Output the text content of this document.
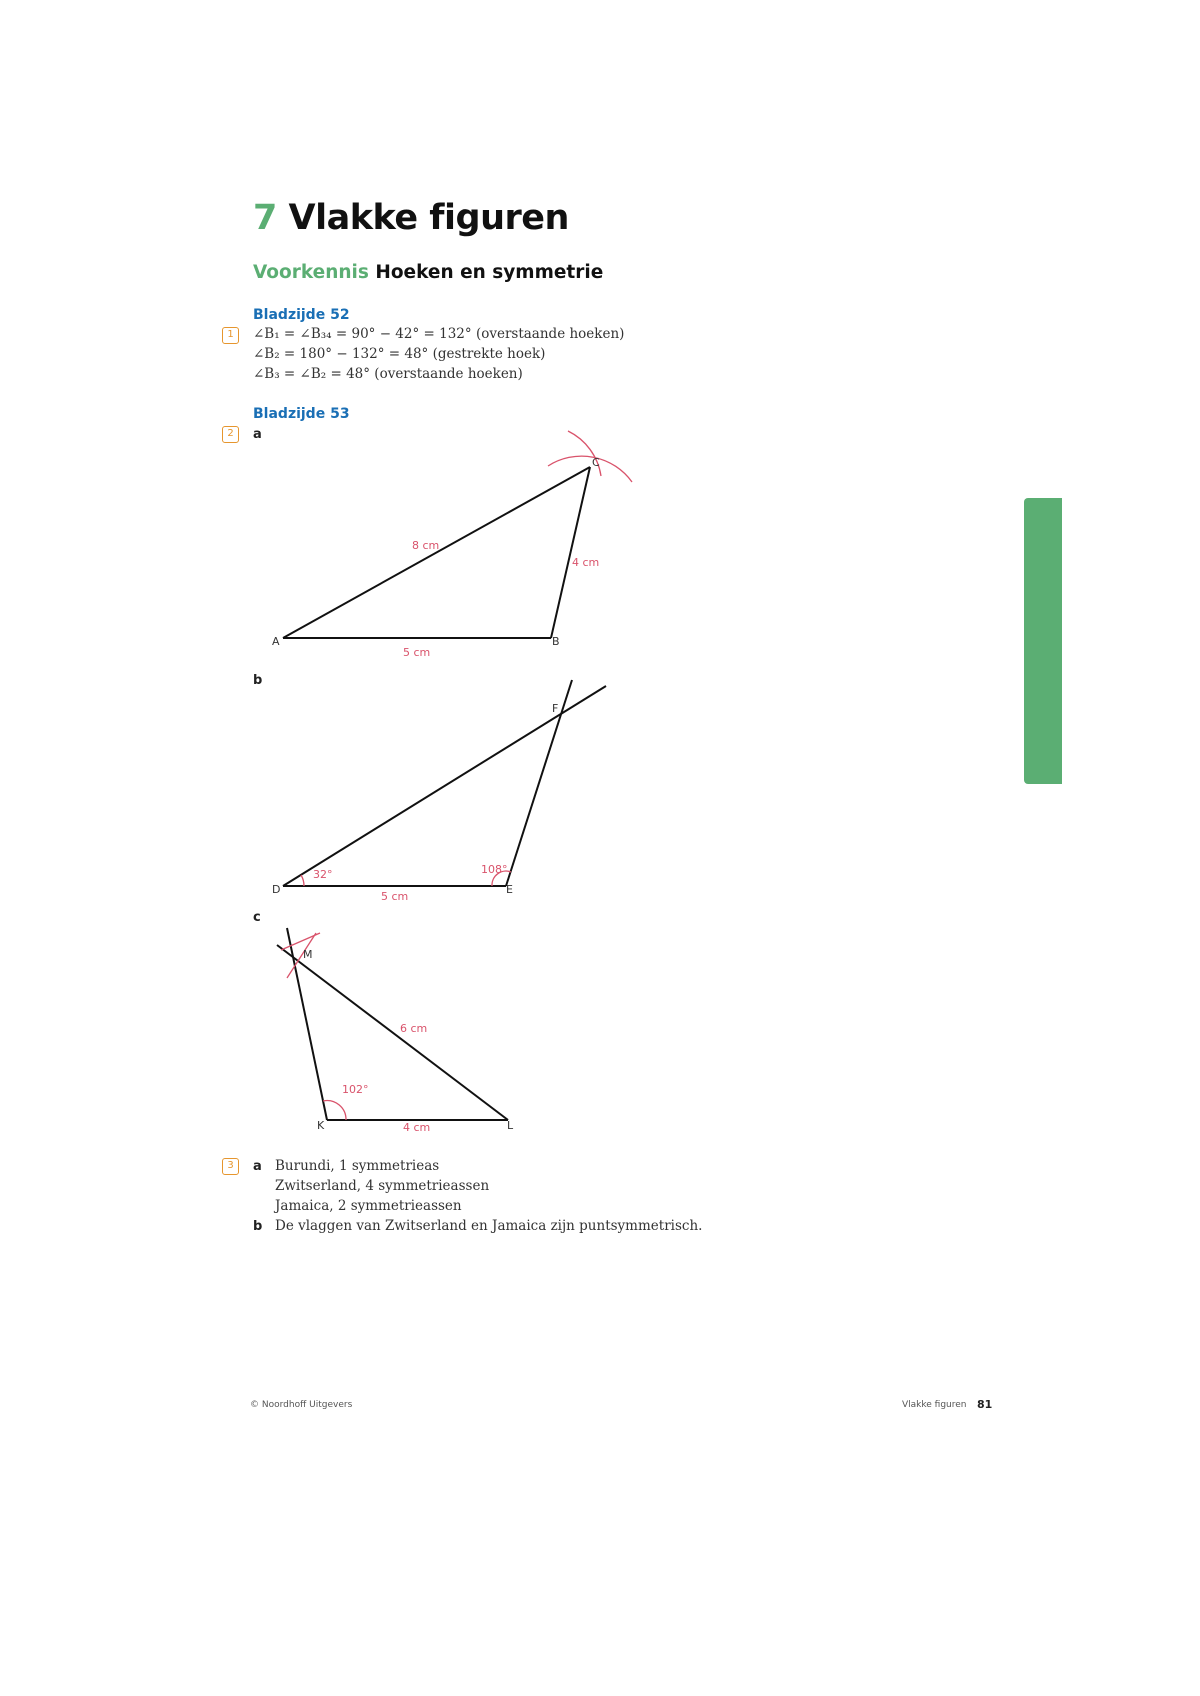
7 Vlakke figuren
Voorkennis Hoeken en symmetrie
Bladzijde 52
1	∠B₁ = ∠B₃₄ = 90° − 42° = 132° (overstaande hoeken)
∠B₂ = 180° − 132° = 48° (gestrekte hoek)
∠B₃ = ∠B₂ = 48° (overstaande hoeken)
Bladzijde 53
2	a
b
c
A	B
C
8 cm
4 cm
5 cm
D	E
F
32°	108°
5 cm
K	L
M
6 cm
102°
4 cm
3	a Burundi, 1 symmetrieas
Zwitserland, 4 symmetrieassen
Jamaica, 2 symmetrieassen
b De vlaggen van Zwitserland en Jamaica zijn puntsymmetrisch.
© Noordhoff Uitgevers	Vlakke figuren 81
